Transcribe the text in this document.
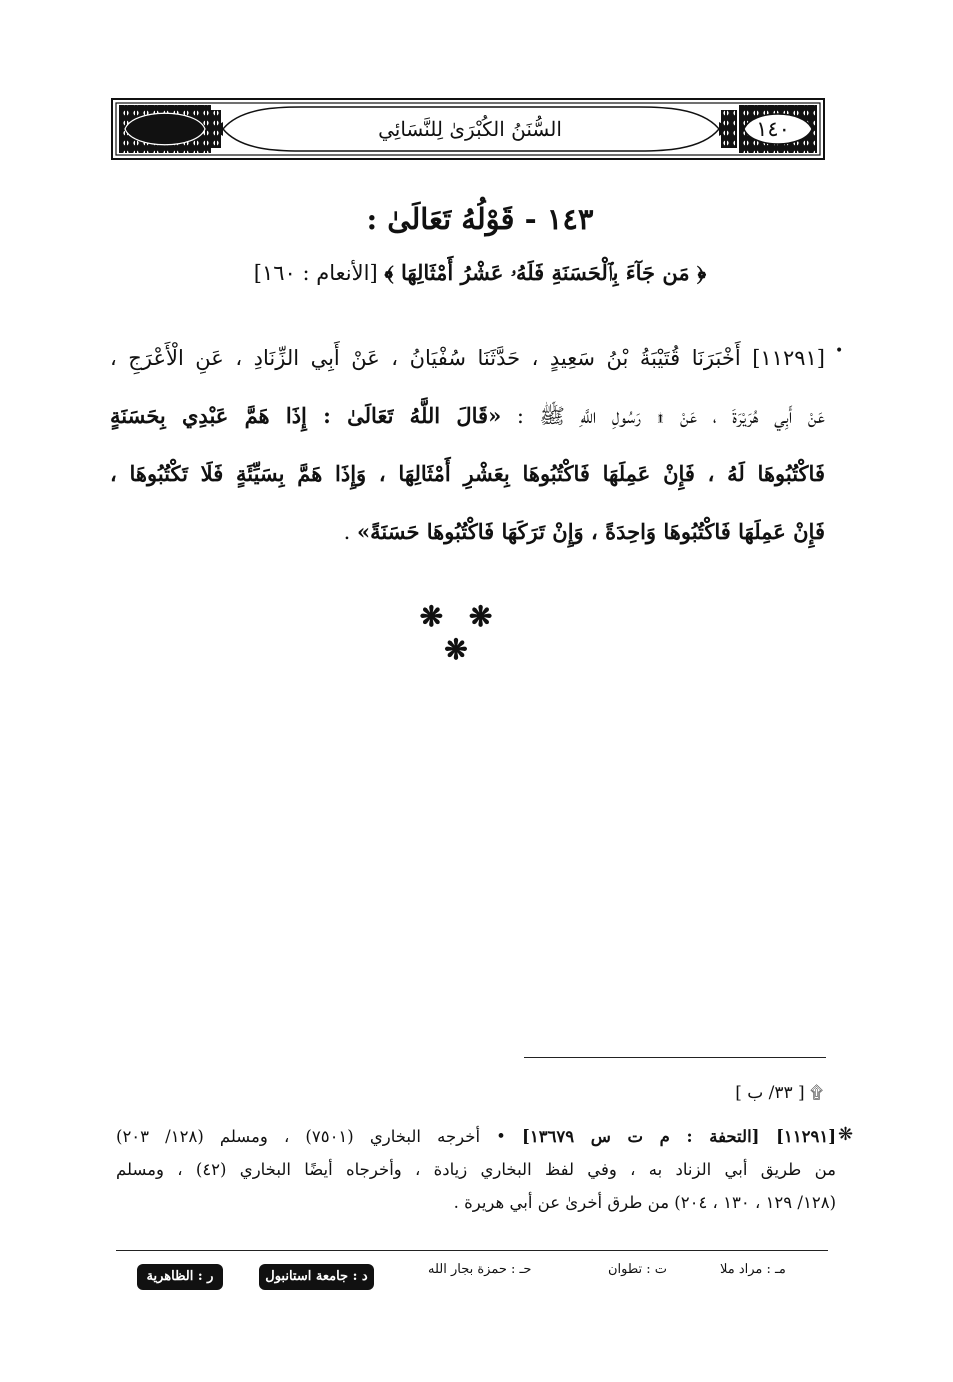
١٤٠
السُّنَنُ الكُبْرَىٰ لِلنَّسَائِي
١٤٣ - قَوْلُهُ تَعَالَىٰ :
﴿ مَن جَآءَ بِٱلْحَسَنَةِ فَلَهُۥ عَشْرُ أَمْثَالِهَا ﴾ [الأنعام : ١٦٠]
•
[١١٢٩١] أَخْبَرَنَا قُتَيْبَةُ بْنُ سَعِيدٍ ، حَدَّثَنَا سُفْيَانُ ، عَنْ أَبِي الزِّنَادِ ، عَنِ الْأَعْرَجِ ،
عَنْ أَبِي هُرَيْرَةَ ، عَنْ ۩ رَسُولِ اللَّهِ ﷺ : «قَالَ اللَّهُ تَعَالَىٰ : إِذَا هَمَّ عَبْدِي بِحَسَنَةٍ
فَاكْتُبُوهَا لَهُ ، فَإِنْ عَمِلَهَا فَاكْتُبُوهَا بِعَشْرِ أَمْثَالِهَا ، وَإِذَا هَمَّ بِسَيِّئَةٍ فَلَا تَكْتُبُوهَا ،
فَإِنْ عَمِلَهَا فَاكْتُبُوهَا وَاحِدَةً ، وَإِنْ تَرَكَهَا فَاكْتُبُوهَا حَسَنَةً» .
❋ ❋ ❋
۩ [ ٣٣/ ب ]
❋
[١١٢٩١] [التحفة : م ت س ١٣٦٧٩] • أخرجه البخاري (٧٥٠١) ، ومسلم (١٢٨/ ٢٠٣)
من طريق أبي الزناد به ، وفي لفظ البخاري زيادة ، وأخرجاه أيضًا البخاري (٤٢) ، ومسلم
(١٢٨/ ١٢٩ ، ١٣٠ ، ٢٠٤) من طرق أخرىٰ عن أبي هريرة .
مـ : مراد ملا
ت : تطوان
حـ : حمزة بجار الله
د : جامعة استانبول
ر : الظاهرية
